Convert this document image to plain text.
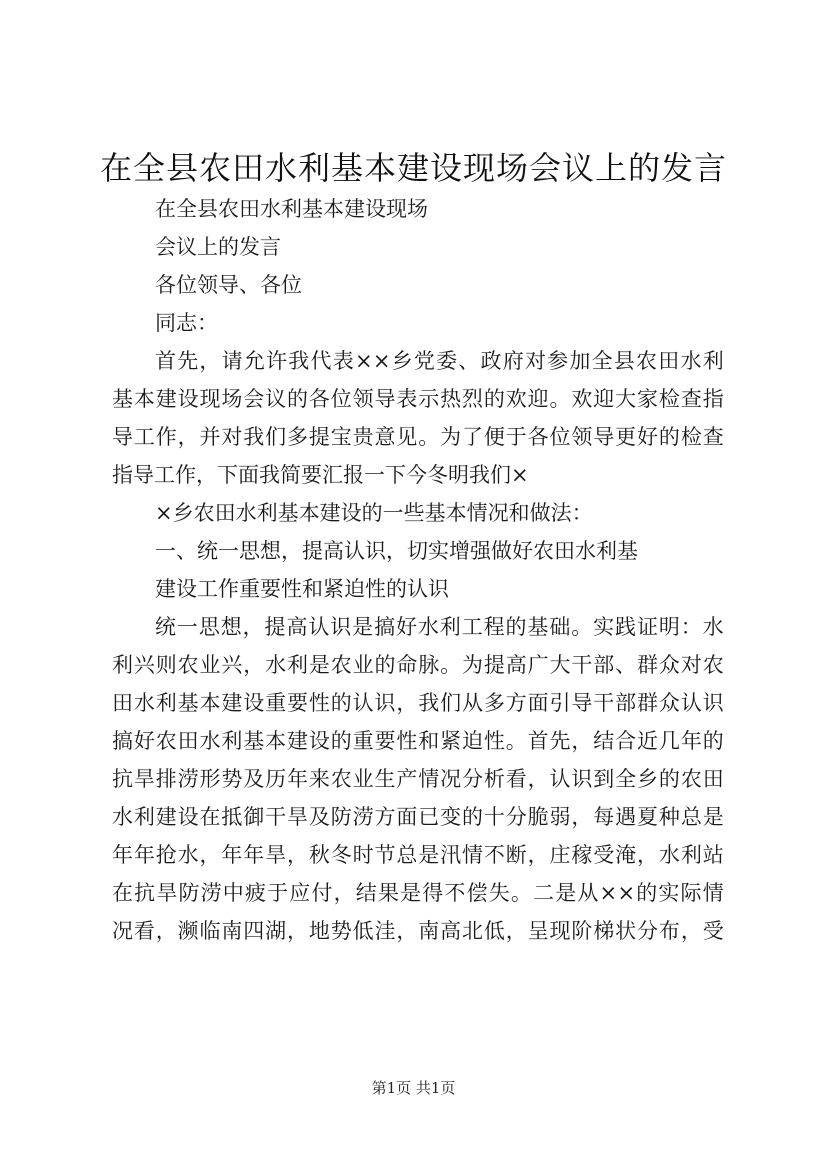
在全县农田水利基本建设现场会议上的发言
在全县农田水利基本建设现场
会议上的发言
各位领导、各位
同志：
首先，请允许我代表××乡党委、政府对参加全县农田水利
基本建设现场会议的各位领导表示热烈的欢迎。欢迎大家检查指
导工作，并对我们多提宝贵意见。为了便于各位领导更好的检查
指导工作，下面我简要汇报一下今冬明我们×
×乡农田水利基本建设的一些基本情况和做法：
一、统一思想，提高认识，切实增强做好农田水利基
建设工作重要性和紧迫性的认识
统一思想，提高认识是搞好水利工程的基础。实践证明：水
利兴则农业兴，水利是农业的命脉。为提高广大干部、群众对农
田水利基本建设重要性的认识，我们从多方面引导干部群众认识
搞好农田水利基本建设的重要性和紧迫性。首先，结合近几年的
抗旱排涝形势及历年来农业生产情况分析看，认识到全乡的农田
水利建设在抵御干旱及防涝方面已变的十分脆弱，每遇夏种总是
年年抢水，年年旱，秋冬时节总是汛情不断，庄稼受淹，水利站
在抗旱防涝中疲于应付，结果是得不偿失。二是从××的实际情
况看，濒临南四湖，地势低洼，南高北低，呈现阶梯状分布，受
第1页 共1页
